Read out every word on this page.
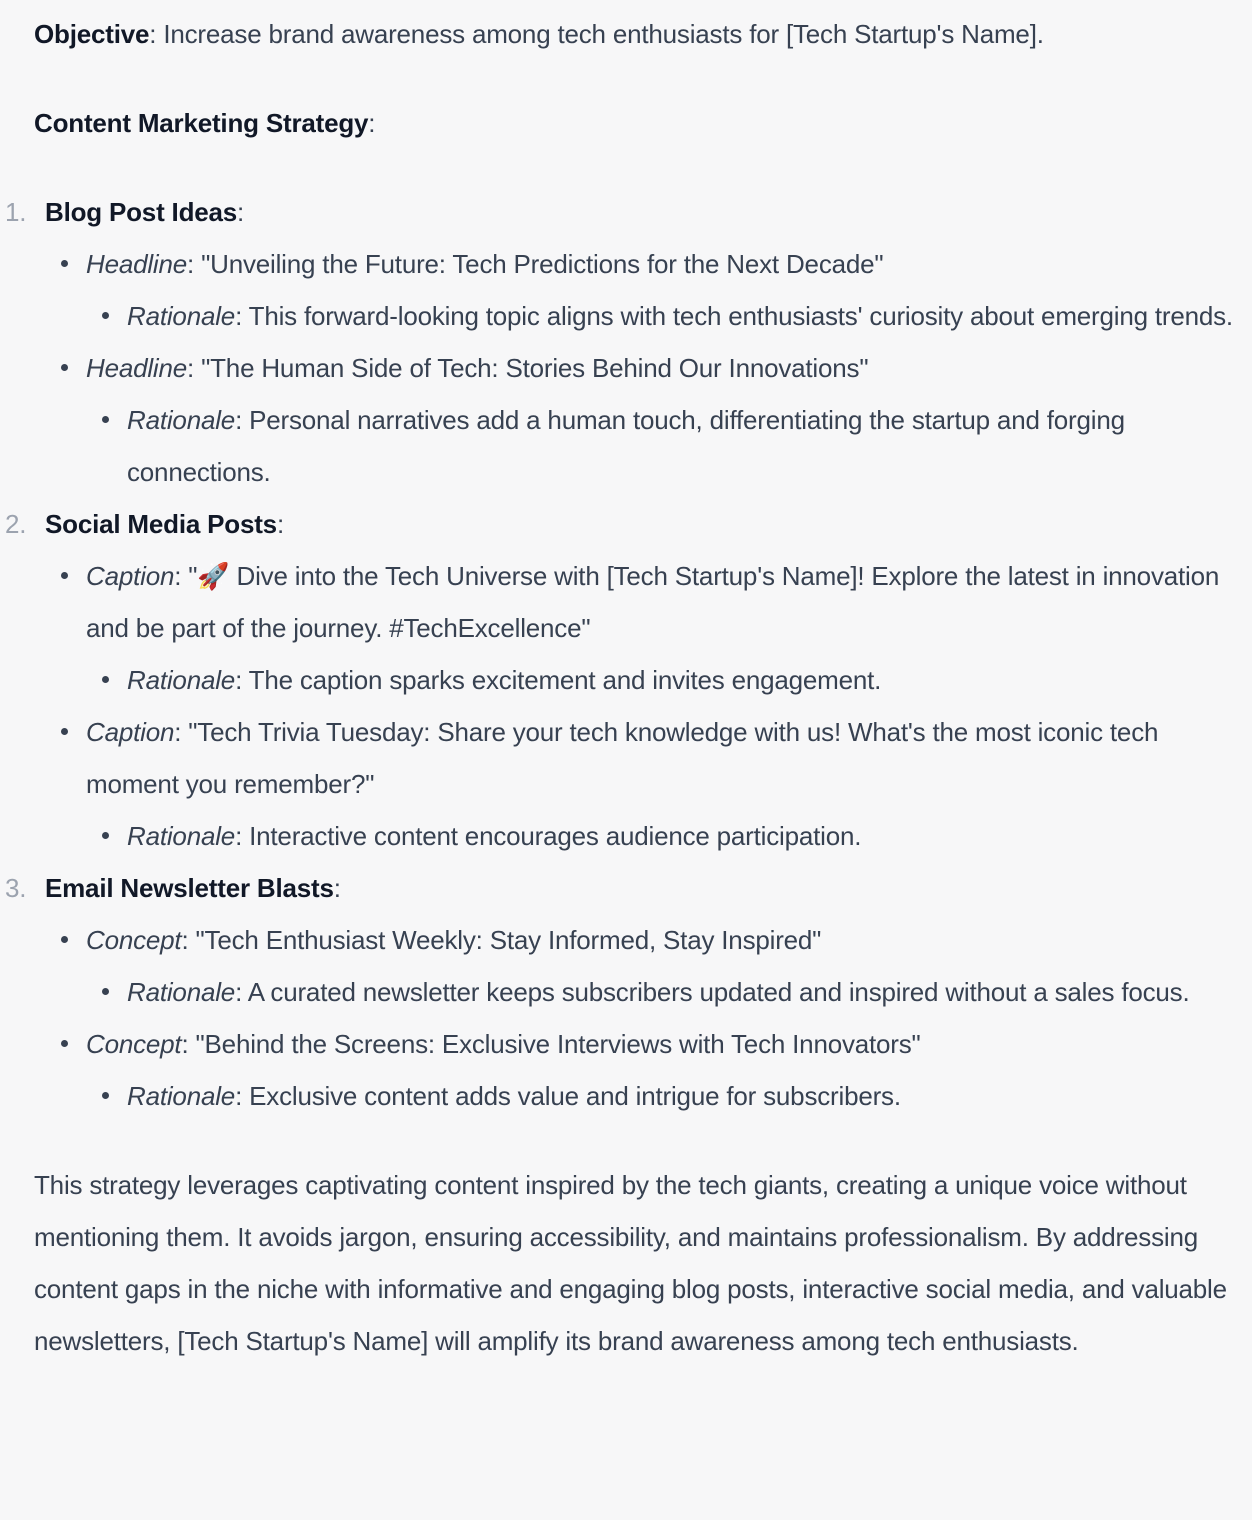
Objective: Increase brand awareness among tech enthusiasts for [Tech Startup's Name].

Content Marketing Strategy:

1. Blog Post Ideas:
Headline: "Unveiling the Future: Tech Predictions for the Next Decade"
Rationale: This forward-looking topic aligns with tech enthusiasts' curiosity about emerging trends.
Headline: "The Human Side of Tech: Stories Behind Our Innovations"
Rationale: Personal narratives add a human touch, differentiating the startup and forging connections.
2. Social Media Posts:
Caption: "🚀 Dive into the Tech Universe with [Tech Startup's Name]! Explore the latest in innovation and be part of the journey. #TechExcellence"
Rationale: The caption sparks excitement and invites engagement.
Caption: "Tech Trivia Tuesday: Share your tech knowledge with us! What's the most iconic tech moment you remember?"
Rationale: Interactive content encourages audience participation.
3. Email Newsletter Blasts:
Concept: "Tech Enthusiast Weekly: Stay Informed, Stay Inspired"
Rationale: A curated newsletter keeps subscribers updated and inspired without a sales focus.
Concept: "Behind the Screens: Exclusive Interviews with Tech Innovators"
Rationale: Exclusive content adds value and intrigue for subscribers.

This strategy leverages captivating content inspired by the tech giants, creating a unique voice without mentioning them. It avoids jargon, ensuring accessibility, and maintains professionalism. By addressing content gaps in the niche with informative and engaging blog posts, interactive social media, and valuable newsletters, [Tech Startup's Name] will amplify its brand awareness among tech enthusiasts.
